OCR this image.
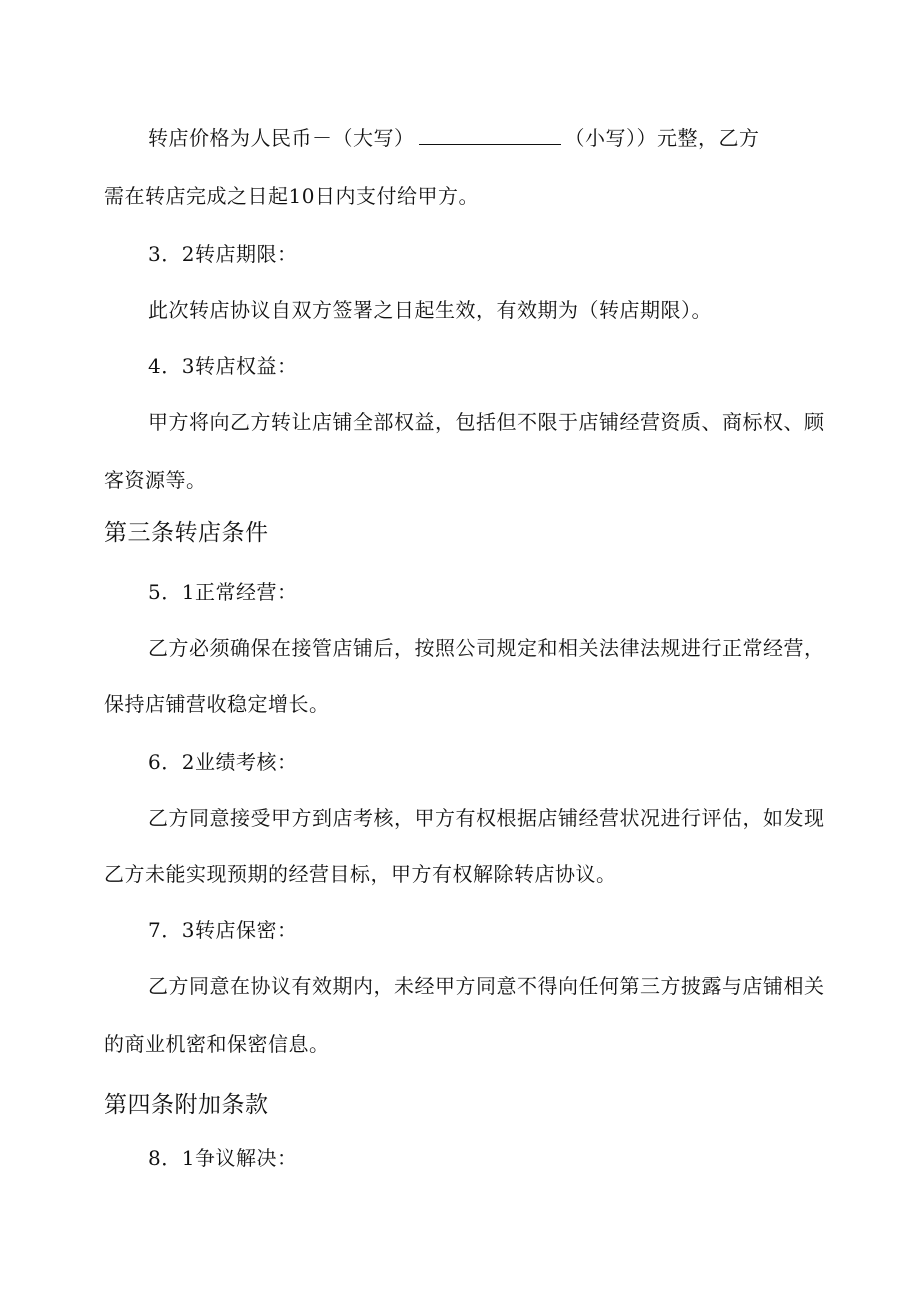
转店价格为人民币－（大写）	（小写））元整，乙方
需在转店完成之日起10日内支付给甲方。
3．2转店期限：
此次转店协议自双方签署之日起生效，有效期为（转店期限）。
4．3转店权益：
甲方将向乙方转让店铺全部权益，包括但不限于店铺经营资质、商标权、顾
客资源等。
第三条转店条件
5．1正常经营：
乙方必须确保在接管店铺后，按照公司规定和相关法律法规进行正常经营，
保持店铺营收稳定增长。
6．2业绩考核：
乙方同意接受甲方到店考核，甲方有权根据店铺经营状况进行评估，如发现
乙方未能实现预期的经营目标，甲方有权解除转店协议。
7．3转店保密：
乙方同意在协议有效期内，未经甲方同意不得向任何第三方披露与店铺相关
的商业机密和保密信息。
第四条附加条款
8．1争议解决：
